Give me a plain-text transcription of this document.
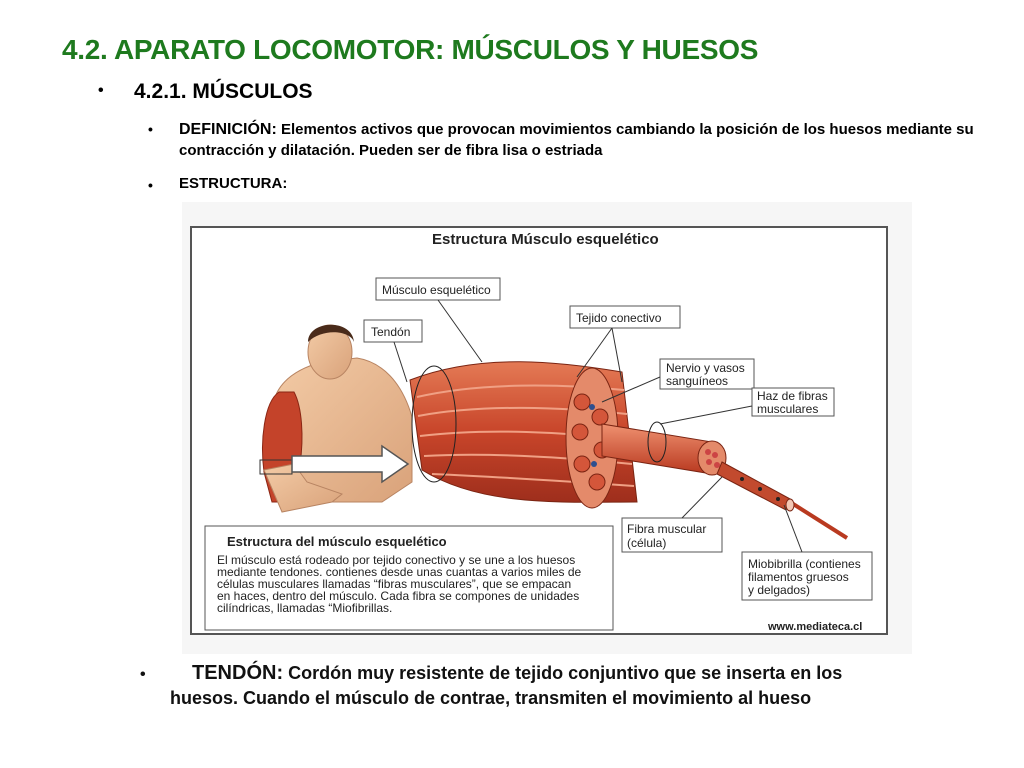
4.2. APARATO LOCOMOTOR: MÚSCULOS Y HUESOS
• 4.2.1. MÚSCULOS
• DEFINICIÓN: Elementos activos que provocan movimientos cambiando la posición de los huesos mediante su contracción y dilatación. Pueden ser de fibra lisa o estriada
• ESTRUCTURA:
Estructura Músculo esquelético
Músculo esquelético
Tendón
Tejido conectivo
Nervio y vasos
sanguíneos
Haz de fibras
musculares
Fibra muscular
(célula)
Miobibrilla (contienes
filamentos gruesos
y delgados)
Estructura del músculo esquelético
El músculo está rodeado por tejido conectivo y se une a los huesos
mediante tendones. contienes desde unas cuantas a varios miles de
células musculares llamadas “fibras musculares”, que se empacan
en haces, dentro del músculo. Cada fibra se compones de unidades
cilíndricas, llamadas “Miofibrillas.
www.mediateca.cl
• TENDÓN: Cordón muy resistente de tejido conjuntivo que se inserta en los
huesos. Cuando el músculo de contrae, transmiten el movimiento al hueso
